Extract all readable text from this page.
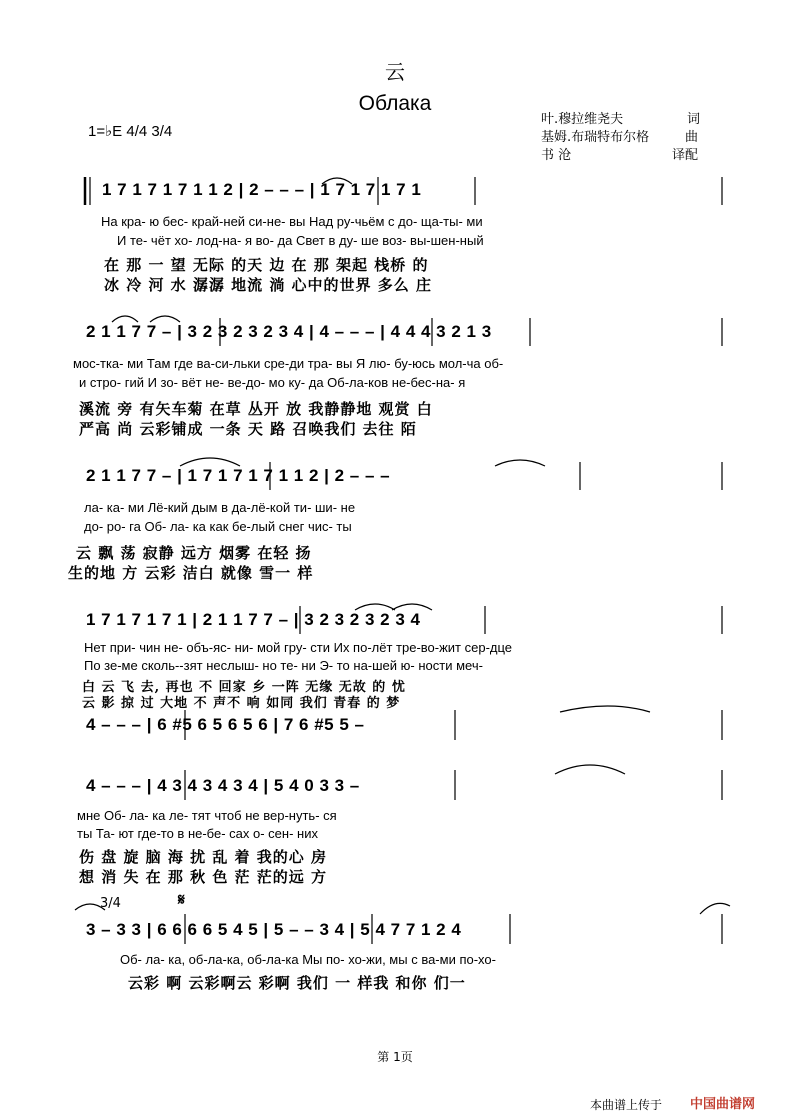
云
Облака
1=♭E 4/4 3/4
叶.穆拉维尧夫	词
基姆.布瑞特布尔格	曲
书 沧	译配
1 7 1 7 1 7 1 1 2 | 2 – – – | 1 7 1 7 1 7 1
На кра- ю бес- край-ней си-не- вы Над ру-чьём с до- ща-ты- ми
И те- чёт хо- лод-на- я во- да Свет в ду- ше воз- вы-шен-ный
在 那 一 望 无际 的天 边 在 那 架起 栈桥 的
冰 冷 河 水 潺潺 地流 淌 心中的世界 多么 庄
2 1 1 7 7 – | 3 2 3 2 3 2 3 4 | 4 – – – | 4 4 4 3 2 1 3
мос-тка- ми Там где ва-си-льки сре-ди тра- вы Я лю- бу-юсь мол-ча об-
и стро- гий И зо- вёт не- ве-до- мо ку- да Об-ла-ков не-бес-на- я
溪流 旁 有矢车菊 在草 丛开 放 我静静地 观赏 白
严高 尚 云彩铺成 一条 天 路 召唤我们 去往 陌
2 1 1 7 7 – | 1 7 1 7 1 7 1 1 2 | 2 – – –
ла- ка- ми Лё-кий дым в да-лё-кой ти- ши- не
до- ро- га Об- ла- ка как бе-лый снег чис- ты
云 飘 荡 寂静 远方 烟雾 在轻 扬
生的地 方 云彩 洁白 就像 雪一 样
1 7 1 7 1 7 1 | 2 1 1 7 7 – | 3 2 3 2 3 2 3 4
Нет при- чин не- объ-яс- ни- мой гру- сти Их по-лёт тре-во-жит сер-дце
По зе-ме сколь--зят неслыш- но те- ни Э- то на-шей ю- ности меч-
白 云 飞 去, 再也 不 回家 乡 一阵 无缘 无故 的 忧
云 影 掠 过 大地 不 声不 响 如同 我们 青春 的 梦
4 – – – | 6 #5 6 5 6 5 6 | 7 6 #5 5 –
4 – – – | 4 3 4 3 4 3 4 | 5 4 0 3 3 –
мне Об- ла- ка ле- тят чтоб не вер-нуть- ся
ты Та- ют где-то в не-бе- сах о- сен- них
伤 盘 旋 脑 海 扰 乱 着 我的心 房
想 消 失 在 那 秋 色 茫 茫的远 方
3/4	𝄋
3 – 3 3 | 6 6 6 6 5 4 5 | 5 – – 3 4 | 5 4 7 7 1 2 4
Об- ла- ка, об-ла-ка, об-ла-ка Мы по- хо-жи, мы с ва-ми по-хо-
云彩 啊 云彩啊云 彩啊 我们 一 样我 和你 们一
第 1页
本曲谱上传于 中国曲谱网
